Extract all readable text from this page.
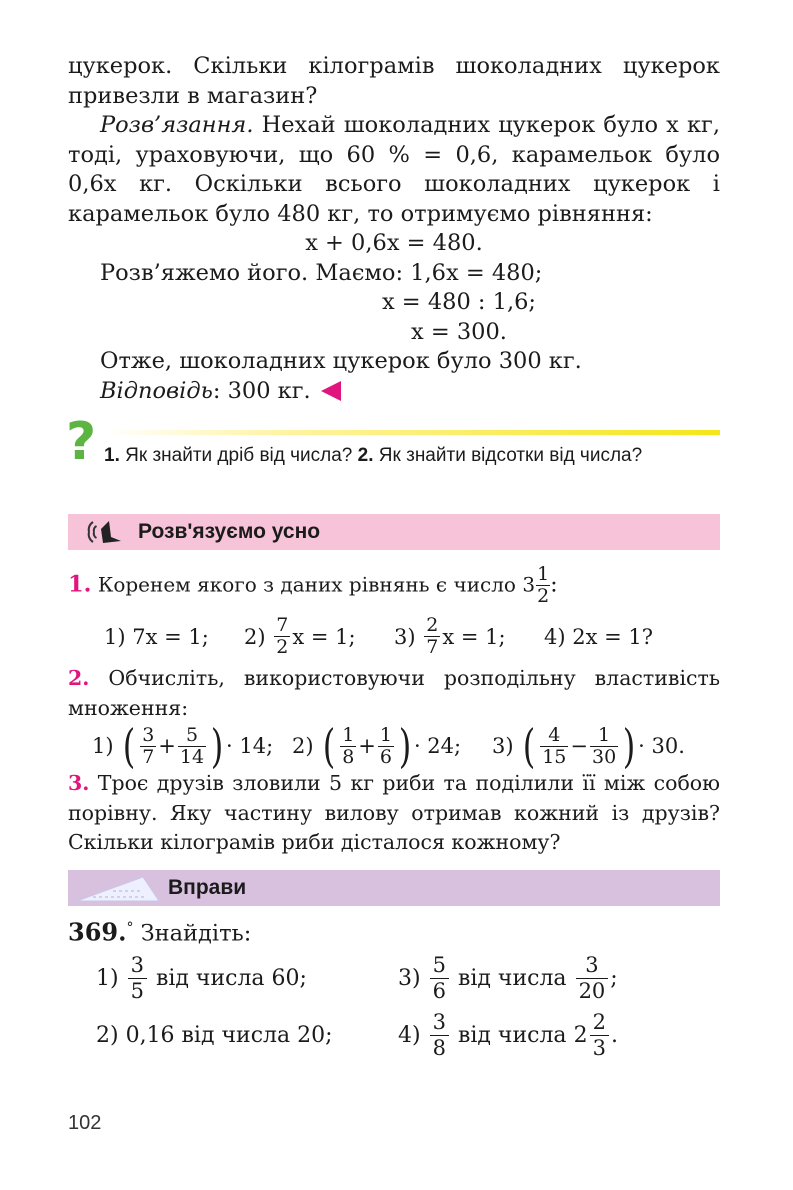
цукерок. Скільки кілограмів шоколадних цукерок
привезли в магазин?
Розв’язання. Нехай шоколадних цукерок було x кг, тоді, ураховуючи, що 60 % = 0,6, карамельок було 0,6x кг. Оскільки всього шоколадних цукерок і карамельок було 480 кг, то отримуємо рівняння:
x + 0,6x = 480.
Розв’яжемо його. Маємо: 1,6x = 480;
x = 480 : 1,6;
x = 300.
Отже, шоколадних цукерок було 300 кг.
Відповідь: 300 кг.
? 1. Як знайти дріб від числа? 2. Як знайти відсотки від числа?
Розв'язуємо усно
1. Коренем якого з даних рівнянь є число $3 \frac{1}{2}$ :
1) 7x = 1;	2)
$\frac{7}{2}$ x = 1; 3)
$\frac{2}{7}$ x = 1; 4) 2x = 1?
2. Обчисліть, використовуючи розподільну властивість множення:
1)
( $\frac{3}{7} + \frac{5}{14}$ ) · 14; 2)
( $\frac{1}{8} + \frac{1}{6}$ ) · 24; 3)
( $\frac{4}{15} - \frac{1}{30}$ ) · 30.
3. Троє друзів зловили 5 кг риби та поділили її між собою порівну. Яку частину вилову отримав кожний із друзів? Скільки кілограмів риби дісталося кожному?
Вправи
369.° Знайдіть:
1)
$\frac{3}{5}$
від числа 60;	3)
$\frac{5}{6}$
від числа
$\frac{3}{20}$ ;
2) 0,16 від числа 20;	4)
$\frac{3}{8}$
від числа
$2 \frac{2}{3}$ .
102
